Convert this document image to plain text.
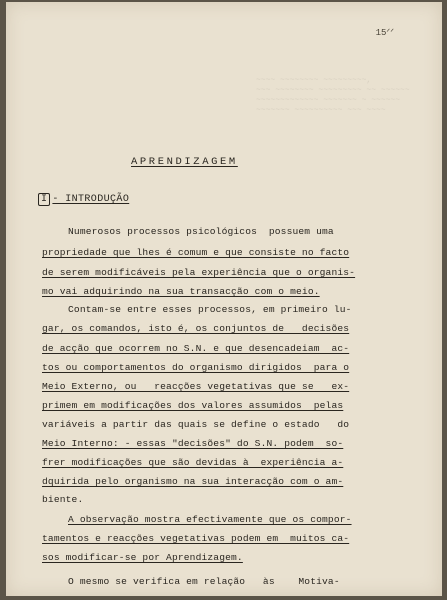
~~~~ ~~~~~~~~ ~~~~~~~~~,
~~~ ~~~~~~~~ ~~~~~~~~~ ~~ ~~~~~~
~~~~~~~~~~~~~ ~~~~~~~ ~ ~~~~~~
~~~~~~~ ~~~~~~~~~~ ~~~ ~~~~
15ᐟᐟ
APRENDIZAGEM
I - INTRODUÇÃO
Numerosos processos psicológicos  possuem uma
propriedade que lhes é comum e que consiste no facto
de serem modificáveis pela experiência que o organis-
mo vai adquirindo na sua transacção com o meio.
Contam-se entre esses processos, em primeiro lu-
gar, os comandos, isto é, os conjuntos de   decisões
de acção que ocorrem no S.N. e que desencadeiam  ac-
tos ou comportamentos do organismo dirigidos  para o
Meio Externo, ou   reacções vegetativas que se   ex-
primem em modificações dos valores assumidos  pelas
variáveis a partir das quais se define o estado   do
Meio Interno: - essas "decisões" do S.N. podem  so-
frer modificações que são devidas à  experiência a-
dquirida pelo organismo na sua interacção com o am-
biente.
A observação mostra efectivamente que os compor-
tamentos e reacções vegetativas podem em  muitos ca-
sos modificar-se por Aprendizagem.
O mesmo se verifica em relação   às    Motiva-
